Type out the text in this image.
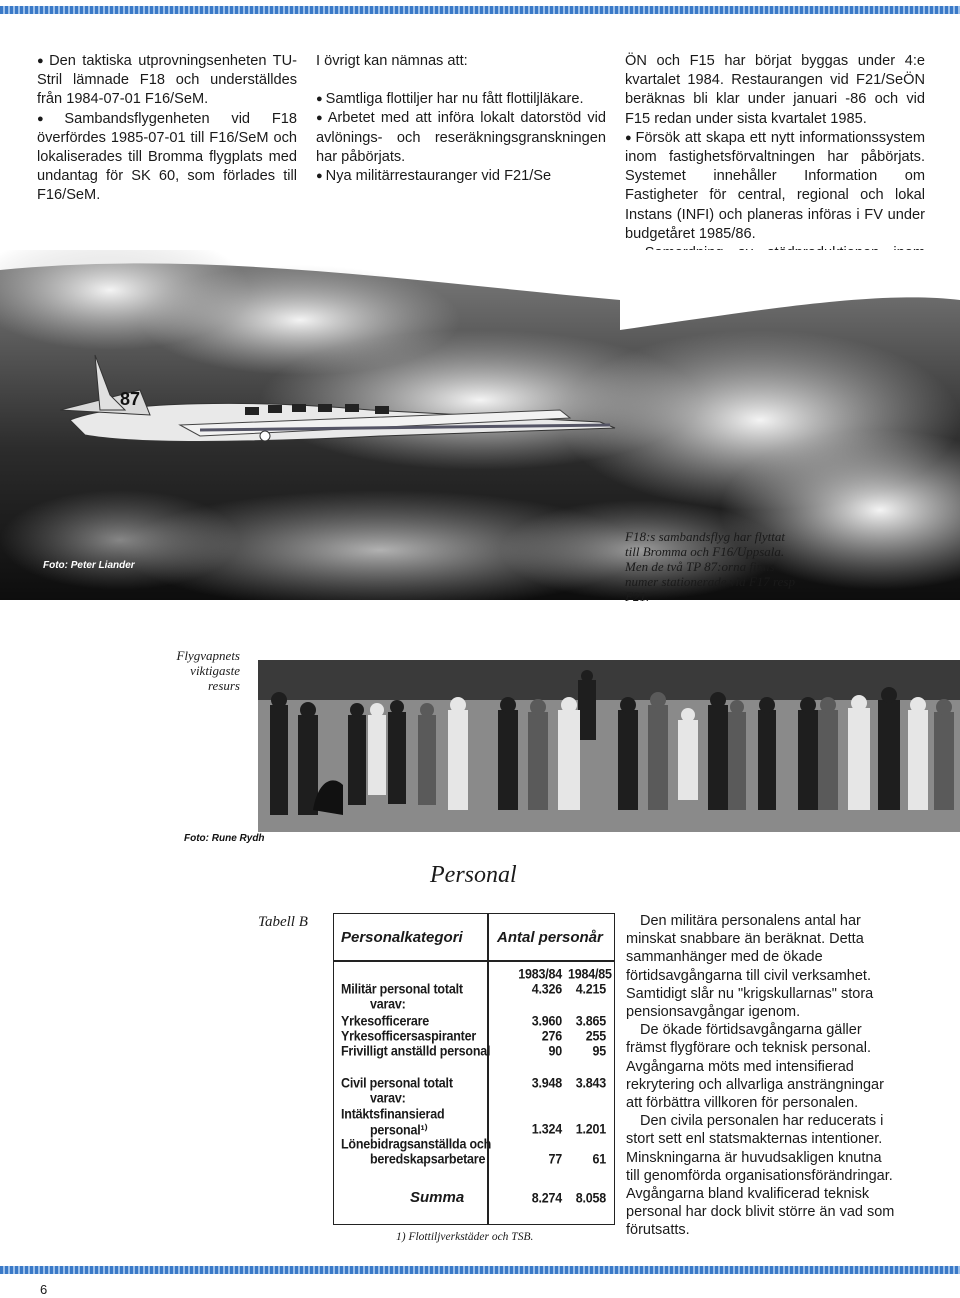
● Den taktiska utprovningsenheten TU-Stril lämnade F18 och underställdes från 1984-07-01 F16/SeM.

● Sambandsflygenheten vid F18 överfördes 1985-07-01 till F16/SeM och lokaliserades till Bromma flygplats med undantag för SK 60, som förlades till F16/SeM.

I övrigt kan nämnas att:

● Samtliga flottiljer har nu fått flottiljläkare.

● Arbetet med att införa lokalt datorstöd vid avlönings- och reseräkningsgranskningen har påbörjats.

● Nya militärrestauranger vid F21/Se

ÖN och F15 har börjat byggas under 4:e kvartalet 1984. Restaurangen vid F21/SeÖN beräknas bli klar under januari -86 och vid F15 redan under sista kvartalet 1985.

● Försök att skapa ett nytt informationssystem inom fastighetsförvaltningen har påbörjats. Systemet innehåller Information om Fastigheter för central, regional och lokal Instans (INFI) och planeras införas i FV under budgetåret 1985/86.

●

87
Foto: Peter Liander
F18:s sambandsflyg har flyttat till Bromma och F16/Uppsala. Men de två TP 87:orna finns numer stationerade vid F17 resp F21.
Flygvapnets viktigaste resurs
Foto: Rune Rydh
Personal
Tabell B
Personalkategori Antal personår
1983/84 1984/85
Militär personal totalt	4.326	4.215
varav:
Yrkesofficerare	3.960	3.865
Yrkesofficersaspiranter	276	255
Frivilligt anställd personal	90	95
Civil personal totalt	3.948	3.843
varav:
Intäktsfinansierad
personal¹⁾	1.324	1.201
Lönebidragsanställda och
beredskapsarbetare	77	61
Summa	8.274	8.058
1) Flottiljverkstäder och TSB.

Den militära personalens antal har minskat snabbare än beräknat. Detta sammanhänger med de ökade förtidsavgångarna till civil verksamhet. Samtidigt slår nu "krigskullarnas" stora pensionsavgångar igenom.

De ökade förtidsavgångarna gäller främst flygförare och teknisk personal. Avgångarna möts med intensifierad rekrytering och allvarliga ansträngningar att förbättra villkoren för personalen.

Den civila personalen har reducerats i stort sett enl statsmakternas intentioner. Minskningarna är huvudsakligen knutna till genomförda organisationsförändringar. Avgångarna bland kvalificerad teknisk personal har dock blivit större än vad som förutsatts.

6
